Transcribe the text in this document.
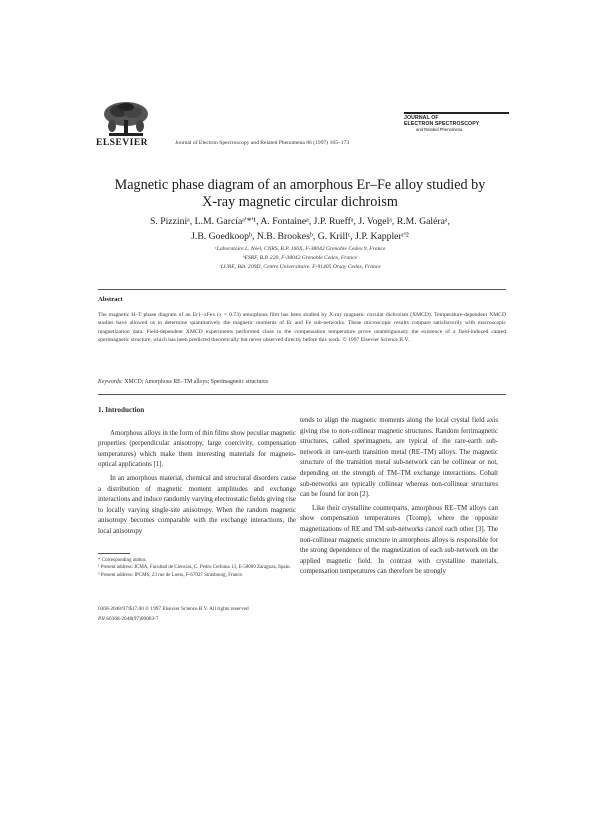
ELSEVIER	Journal of Electron Spectroscopy and Related Phenomena 86 (1997) 165–173
JOURNAL OF
ELECTRON SPECTROSCOPY
and Related Phenomena
Magnetic phase diagram of an amorphous Er–Fe alloy studied by
X-ray magnetic circular dichroism
S. Pizziniᵃ, L.M. Garcíaᵃ'*'¹, A. Fontaineᵃ, J.P. Rueffᵃ, J. Vogelᵃ, R.M. Galéraᵃ,
J.B. Goedkoopᵇ, N.B. Brookesᵇ, G. Krillᶜ, J.P. Kapplerᶜ'²
ᵃLaboratoire L. Néel, CNRS, B.P. 166X, F-38042 Grenoble Cedex 9, France
ᵇESRF, B.P. 220, F-38042 Grenoble Cedex, France
ᶜLURE, Bât. 209D, Centre Universitaire, F-91405 Orsay Cedex, France
Abstract
The magnetic H–T phase diagram of an Er1−xFex (x = 0.73) amorphous film has been studied by X-ray magnetic circular dichroism (XMCD). Temperature-dependent XMCD studies have allowed us to determine quantitatively the magnetic moments of Er and Fe sub-networks. These microscopic results compare satisfactorily with macroscopic magnetization data. Field-dependent XMCD experiments performed close to the compensation temperature prove unambiguously the existence of a field-induced canted sperimagnetic structure, which has been predicted theoretically but never observed directly before this work. © 1997 Elsevier Science B.V.
Keywords: XMCD; Amorphous RE–TM alloys; Sperimagnetic structures
1. Introduction

Amorphous alloys in the form of thin films show peculiar magnetic properties (perpendicular anisotropy, large coercivity, compensation temperatures) which make them interesting materials for magneto-optical applications [1].

In an amorphous material, chemical and structural disorders cause a distribution of magnetic moment amplitudes and exchange interactions and induce randomly varying electrostatic fields giving rise to locally varying single-site anisotropy. When the random magnetic anisotropy becomes comparable with the exchange interactions, the local anisotropy

tends to align the magnetic moments along the local crystal field axis giving rise to non-collinear magnetic structures. Random ferrimagnetic structures, called sperimagnets, are typical of the rare-earth sub-network in rare-earth transition metal (RE–TM) alloys. The magnetic structure of the transition metal sub-network can be collinear or not, depending on the strength of TM–TM exchange interactions. Cobalt sub-networks are typically collinear whereas non-collinear structures can be found for iron [2].

Like their crystalline counterparts, amorphous RE–TM alloys can show compensation temperatures (Tcomp), where the opposite magnetizations of RE and TM sub-networks cancel each other [3]. The non-collinear magnetic structure in amorphous alloys is responsible for the strong dependence of the magnetization of each sub-network on the applied magnetic field. In contrast with crystalline materials, compensation temperatures can therefore be strongly

* Corresponding author.
¹ Present address: ICMA, Facultad de Ciencias, C. Pedro Cerbuna 13, E-50009 Zaragoza, Spain.
² Present address: IPCMS, 23 rue de Loess, F-67027 Strasbourg, France.
0368-2048/97/$17.00 © 1997 Elsevier Science B.V. All rights reserved
PII S0368-2048(97)00063-7
